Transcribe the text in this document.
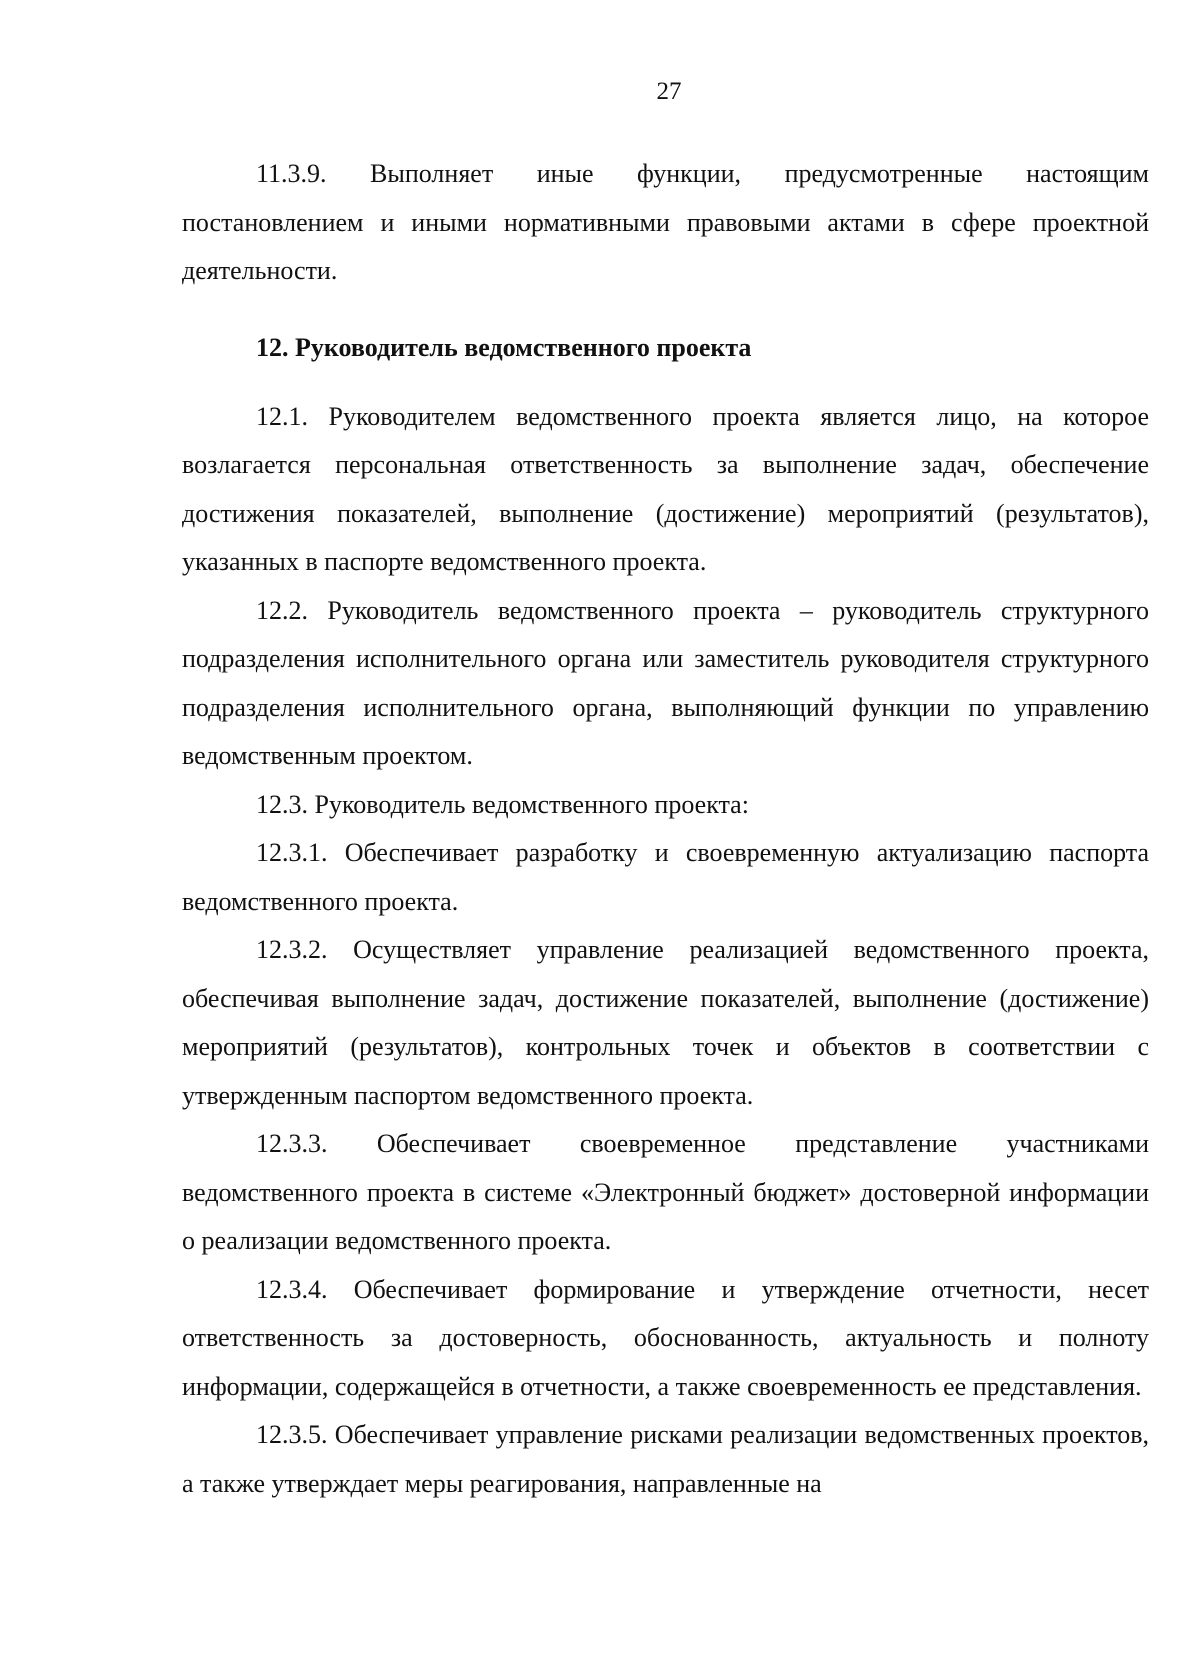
27

11.3.9. Выполняет иные функции, предусмотренные настоящим постановлением и иными нормативными правовыми актами в сфере проектной деятельности.

12. Руководитель ведомственного проекта

12.1. Руководителем ведомственного проекта является лицо, на которое возлагается персональная ответственность за выполнение задач, обеспечение достижения показателей, выполнение (достижение) мероприятий (результатов), указанных в паспорте ведомственного проекта.

12.2. Руководитель ведомственного проекта – руководитель структурного подразделения исполнительного органа или заместитель руководителя структурного подразделения исполнительного органа, выполняющий функции по управлению ведомственным проектом.

12.3. Руководитель ведомственного проекта:

12.3.1. Обеспечивает разработку и своевременную актуализацию паспорта ведомственного проекта.

12.3.2. Осуществляет управление реализацией ведомственного проекта, обеспечивая выполнение задач, достижение показателей, выполнение (достижение) мероприятий (результатов), контрольных точек и объектов в соответствии с утвержденным паспортом ведомственного проекта.

12.3.3. Обеспечивает своевременное представление участниками ведомственного проекта в системе «Электронный бюджет» достоверной информации о реализации ведомственного проекта.

12.3.4. Обеспечивает формирование и утверждение отчетности, несет ответственность за достоверность, обоснованность, актуальность и полноту информации, содержащейся в отчетности, а также своевременность ее представления.

12.3.5. Обеспечивает управление рисками реализации ведомственных проектов, а также утверждает меры реагирования, направленные на
